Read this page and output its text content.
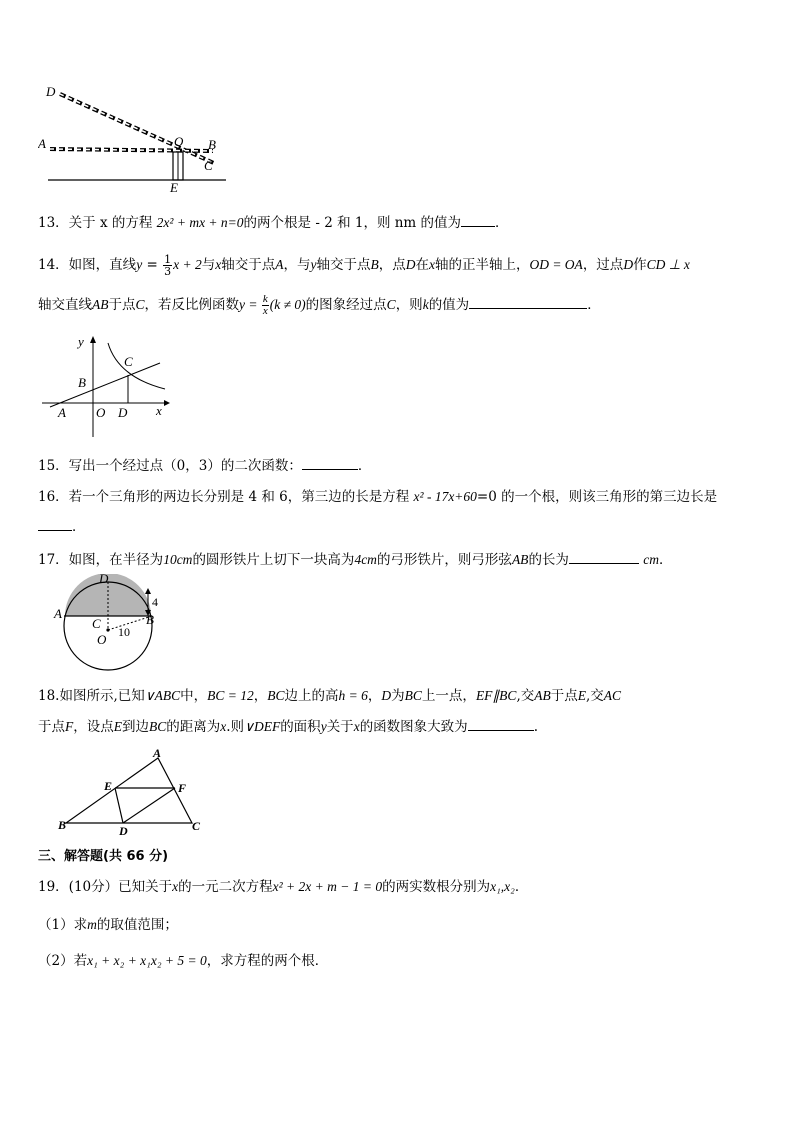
D
A	O B
C
E
13．关于 x 的方程 2x² + mx + n=0的两个根是 - 2 和 1，则 nm 的值为	．
14．如图，直线$y = \frac{1}{3}$ x + 2与x轴交于点A，与y轴交于点B，点D在x轴的正半轴上，OD = OA，过点D作CD ⊥ x
轴交直线AB于点C，若反比例函数$y = \frac{k}{x} (k \ne 0)$的图象经过点C，则k的值为	．
y
x
C
B
A O D
15．写出一个经过点（0，3）的二次函数：	．
16．若一个三角形的两边长分别是 4 和 6，第三边的长是方程 x² - 17x+60=0 的一个根，则该三角形的第三边长是
．
17．如图，在半径为10cm的圆形铁片上切下一块高为4cm的弓形铁片，则弓形弦AB的长为	cm．
D
A
C	B
O
4
10
18.如图所示,已知∨ABC中，BC = 12，BC边上的高h = 6，D为BC上一点，EF∥BC,交AB于点E,交AC
于点F，设点E到边BC的距离为x.则∨DEF的面积y关于x的函数图象大致为	.
A
E	F
B	D	C
三、解答题(共 66 分)
19．(10分）已知关于x的一元二次方程x² + 2x + m − 1 = 0的两实数根分别为x₁,x₂．
（1）求m的取值范围；
（2）若x₁ + x₂ + x₁x₂ + 5 = 0，求方程的两个根．
